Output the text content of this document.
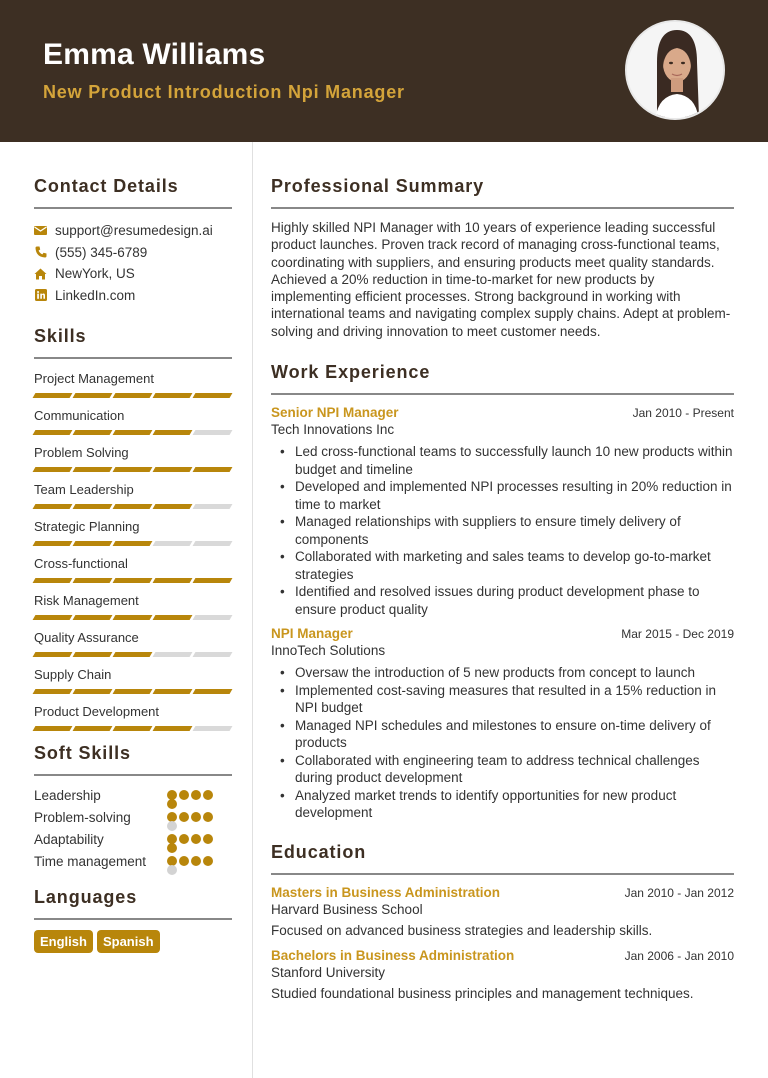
Emma Williams
New Product Introduction Npi Manager
Contact Details
support@resumedesign.ai
(555) 345-6789
NewYork, US
LinkedIn.com
Skills
Project Management
Communication
Problem Solving
Team Leadership
Strategic Planning
Cross-functional
Risk Management
Quality Assurance
Supply Chain
Product Development
Soft Skills
Leadership
Problem-solving
Adaptability
Time management
Languages
English	Spanish
Professional Summary
Highly skilled NPI Manager with 10 years of experience leading successful product launches. Proven track record of managing cross-functional teams, coordinating with suppliers, and ensuring products meet quality standards. Achieved a 20% reduction in time-to-market for new products by implementing efficient processes. Strong background in working with international teams and navigating complex supply chains. Adept at problem-solving and driving innovation to meet customer needs.
Work Experience
Senior NPI Manager	Jan 2010 - Present
Tech Innovations Inc
• Led cross-functional teams to successfully launch 10 new products within budget and timeline
• Developed and implemented NPI processes resulting in 20% reduction in time to market
• Managed relationships with suppliers to ensure timely delivery of components
• Collaborated with marketing and sales teams to develop go-to-market strategies
• Identified and resolved issues during product development phase to ensure product quality
NPI Manager	Mar 2015 - Dec 2019
InnoTech Solutions
• Oversaw the introduction of 5 new products from concept to launch
• Implemented cost-saving measures that resulted in a 15% reduction in NPI budget
• Managed NPI schedules and milestones to ensure on-time delivery of products
• Collaborated with engineering team to address technical challenges during product development
• Analyzed market trends to identify opportunities for new product development
Education
Masters in Business Administration	Jan 2010 - Jan 2012
Harvard Business School
Focused on advanced business strategies and leadership skills.
Bachelors in Business Administration	Jan 2006 - Jan 2010
Stanford University
Studied foundational business principles and management techniques.
